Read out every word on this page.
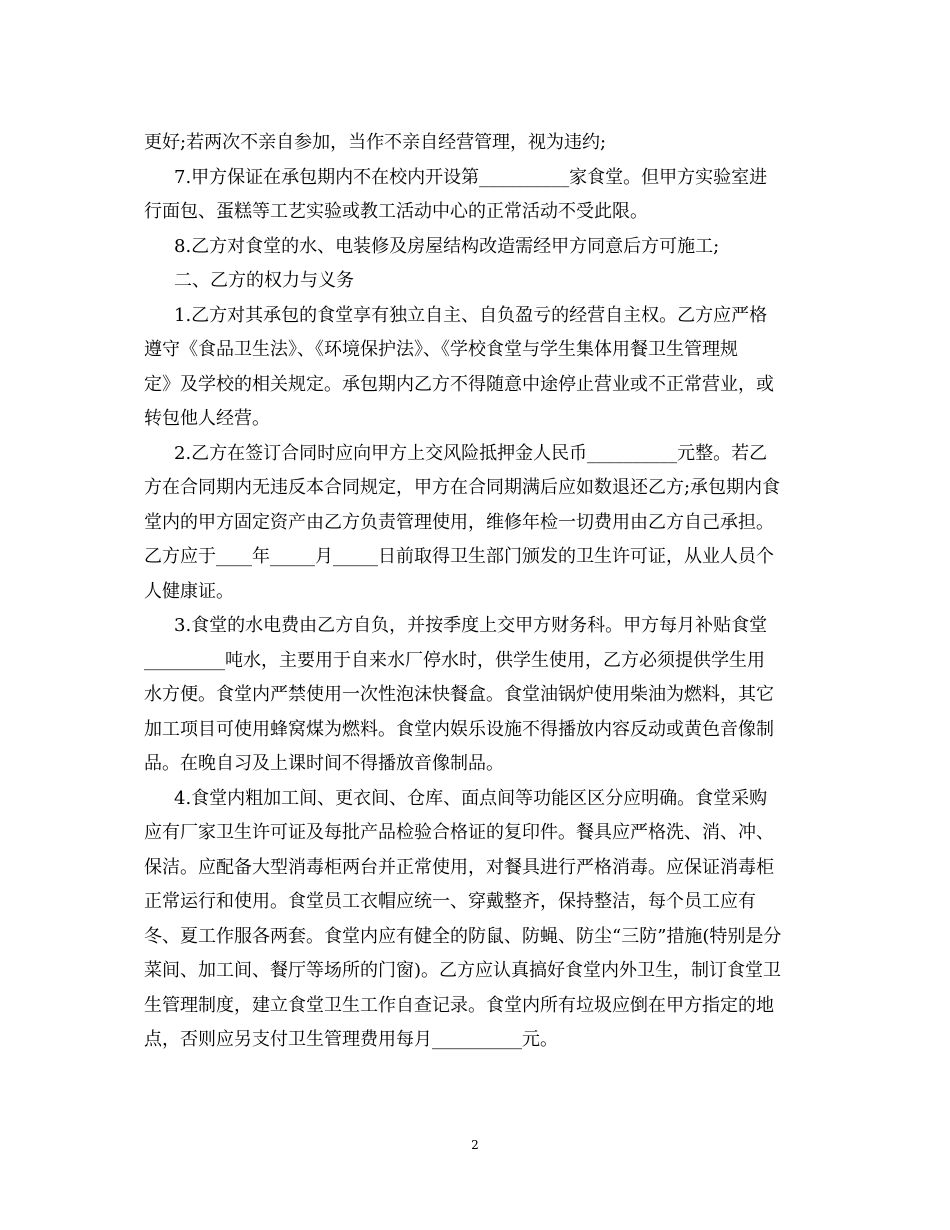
更好;若两次不亲自参加，当作不亲自经营管理，视为违约;
7.甲方保证在承包期内不在校内开设第__________家食堂。但甲方实验室进
行面包、蛋糕等工艺实验或教工活动中心的正常活动不受此限。
8.乙方对食堂的水、电装修及房屋结构改造需经甲方同意后方可施工;
二、乙方的权力与义务
1.乙方对其承包的食堂享有独立自主、自负盈亏的经营自主权。乙方应严格
遵守《食品卫生法》、《环境保护法》、《学校食堂与学生集体用餐卫生管理规
定》及学校的相关规定。承包期内乙方不得随意中途停止营业或不正常营业，或
转包他人经营。
2.乙方在签订合同时应向甲方上交风险抵押金人民币__________元整。若乙
方在合同期内无违反本合同规定，甲方在合同期满后应如数退还乙方;承包期内食
堂内的甲方固定资产由乙方负责管理使用，维修年检一切费用由乙方自己承担。
乙方应于____年_____月_____日前取得卫生部门颁发的卫生许可证，从业人员个
人健康证。
3.食堂的水电费由乙方自负，并按季度上交甲方财务科。甲方每月补贴食堂
_________吨水，主要用于自来水厂停水时，供学生使用，乙方必须提供学生用
水方便。食堂内严禁使用一次性泡沫快餐盒。食堂油锅炉使用柴油为燃料，其它
加工项目可使用蜂窝煤为燃料。食堂内娱乐设施不得播放内容反动或黄色音像制
品。在晚自习及上课时间不得播放音像制品。
4.食堂内粗加工间、更衣间、仓库、面点间等功能区区分应明确。食堂采购
应有厂家卫生许可证及每批产品检验合格证的复印件。餐具应严格洗、消、冲、
保洁。应配备大型消毒柜两台并正常使用，对餐具进行严格消毒。应保证消毒柜
正常运行和使用。食堂员工衣帽应统一、穿戴整齐，保持整洁，每个员工应有
冬、夏工作服各两套。食堂内应有健全的防鼠、防蝇、防尘“三防”措施(特别是分
菜间、加工间、餐厅等场所的门窗)。乙方应认真搞好食堂内外卫生，制订食堂卫
生管理制度，建立食堂卫生工作自查记录。食堂内所有垃圾应倒在甲方指定的地
点，否则应另支付卫生管理费用每月__________元。
2
